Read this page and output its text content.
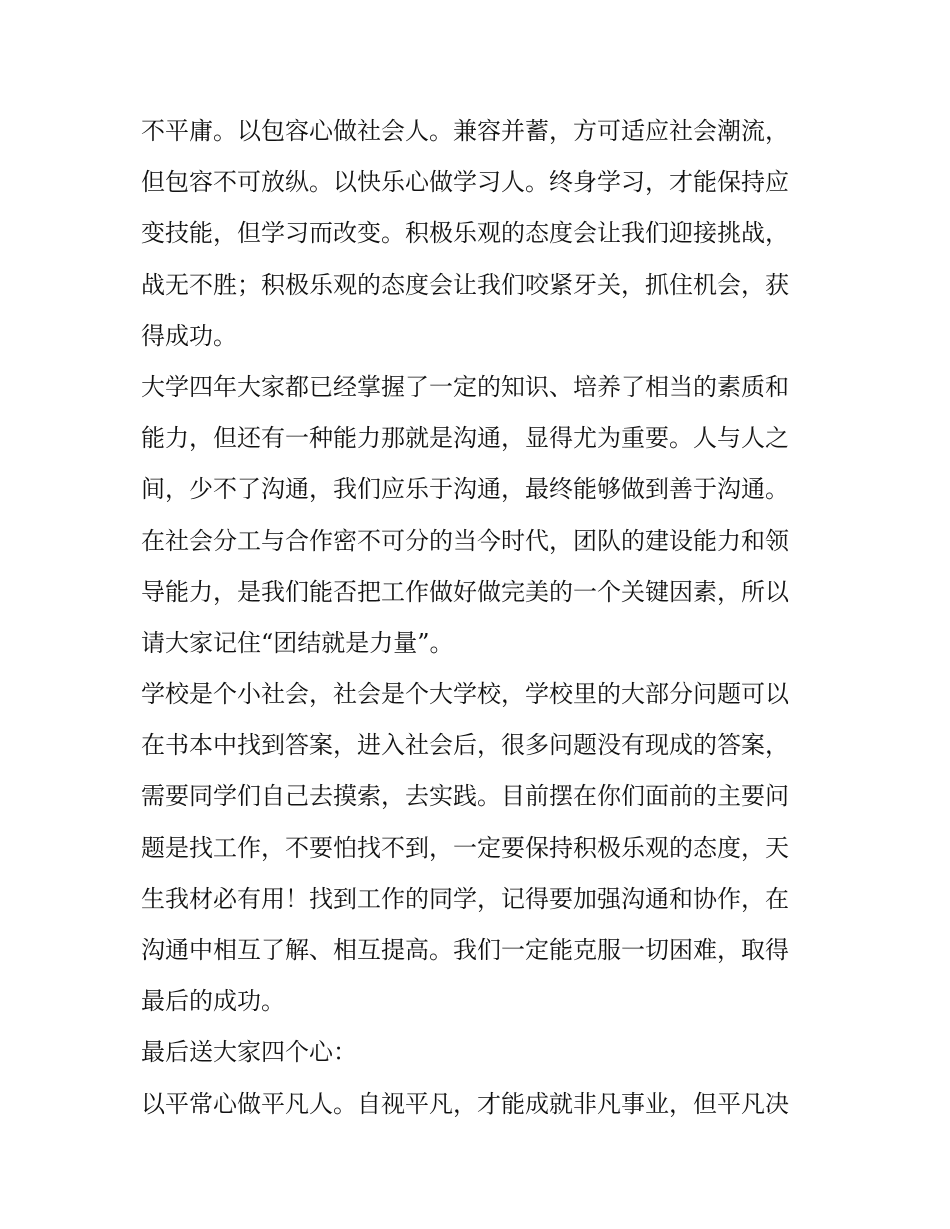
不平庸。以包容心做社会人。兼容并蓄，方可适应社会潮流，
但包容不可放纵。以快乐心做学习人。终身学习，才能保持应
变技能，但学习而改变。积极乐观的态度会让我们迎接挑战，
战无不胜；积极乐观的态度会让我们咬紧牙关，抓住机会，获
得成功。
大学四年大家都已经掌握了一定的知识、培养了相当的素质和
能力，但还有一种能力那就是沟通，显得尤为重要。人与人之
间，少不了沟通，我们应乐于沟通，最终能够做到善于沟通。
在社会分工与合作密不可分的当今时代，团队的建设能力和领
导能力，是我们能否把工作做好做完美的一个关键因素，所以
请大家记住“团结就是力量”。
学校是个小社会，社会是个大学校，学校里的大部分问题可以
在书本中找到答案，进入社会后，很多问题没有现成的答案，
需要同学们自己去摸索，去实践。目前摆在你们面前的主要问
题是找工作，不要怕找不到，一定要保持积极乐观的态度，天
生我材必有用！找到工作的同学，记得要加强沟通和协作，在
沟通中相互了解、相互提高。我们一定能克服一切困难，取得
最后的成功。
最后送大家四个心：
以平常心做平凡人。自视平凡，才能成就非凡事业，但平凡决
